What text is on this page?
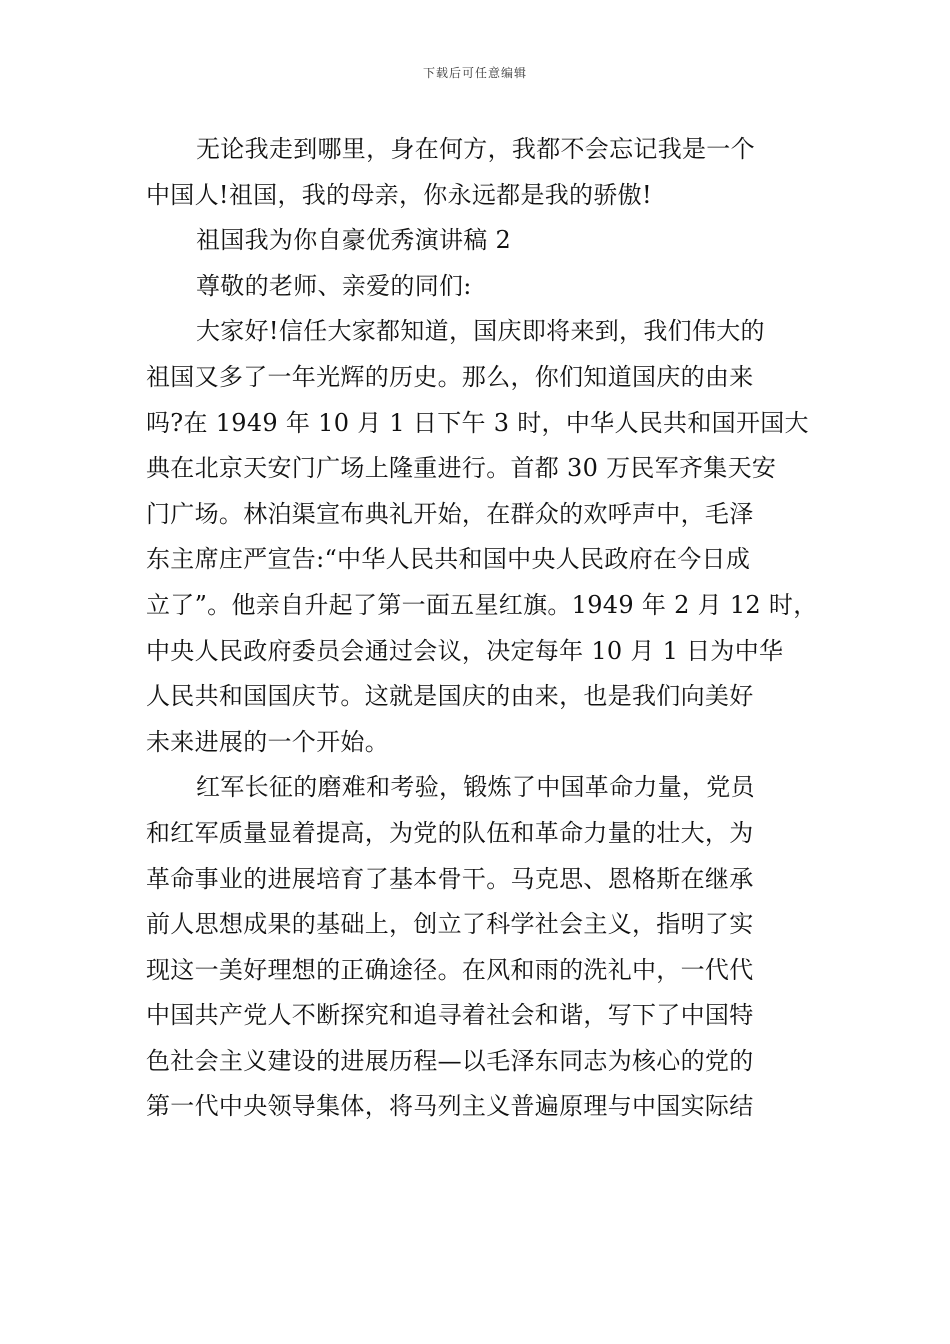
下载后可任意编辑
无论我走到哪里，身在何方，我都不会忘记我是一个
中国人!祖国，我的母亲，你永远都是我的骄傲!
祖国我为你自豪优秀演讲稿 2
尊敬的老师、亲爱的同们:
大家好!信任大家都知道，国庆即将来到，我们伟大的
祖国又多了一年光辉的历史。那么，你们知道国庆的由来
吗?在 1949 年 10 月 1 日下午 3 时，中华人民共和国开国大
典在北京天安门广场上隆重进行。首都 30 万民军齐集天安
门广场。林泊渠宣布典礼开始，在群众的欢呼声中，毛泽
东主席庄严宣告:“中华人民共和国中央人民政府在今日成
立了”。他亲自升起了第一面五星红旗。1949 年 2 月 12 时，
中央人民政府委员会通过会议，决定每年 10 月 1 日为中华
人民共和国国庆节。这就是国庆的由来，也是我们向美好
未来进展的一个开始。
红军长征的磨难和考验，锻炼了中国革命力量，党员
和红军质量显着提高，为党的队伍和革命力量的壮大，为
革命事业的进展培育了基本骨干。马克思、恩格斯在继承
前人思想成果的基础上，创立了科学社会主义，指明了实
现这一美好理想的正确途径。在风和雨的洗礼中，一代代
中国共产党人不断探究和追寻着社会和谐，写下了中国特
色社会主义建设的进展历程—以毛泽东同志为核心的党的
第一代中央领导集体，将马列主义普遍原理与中国实际结
